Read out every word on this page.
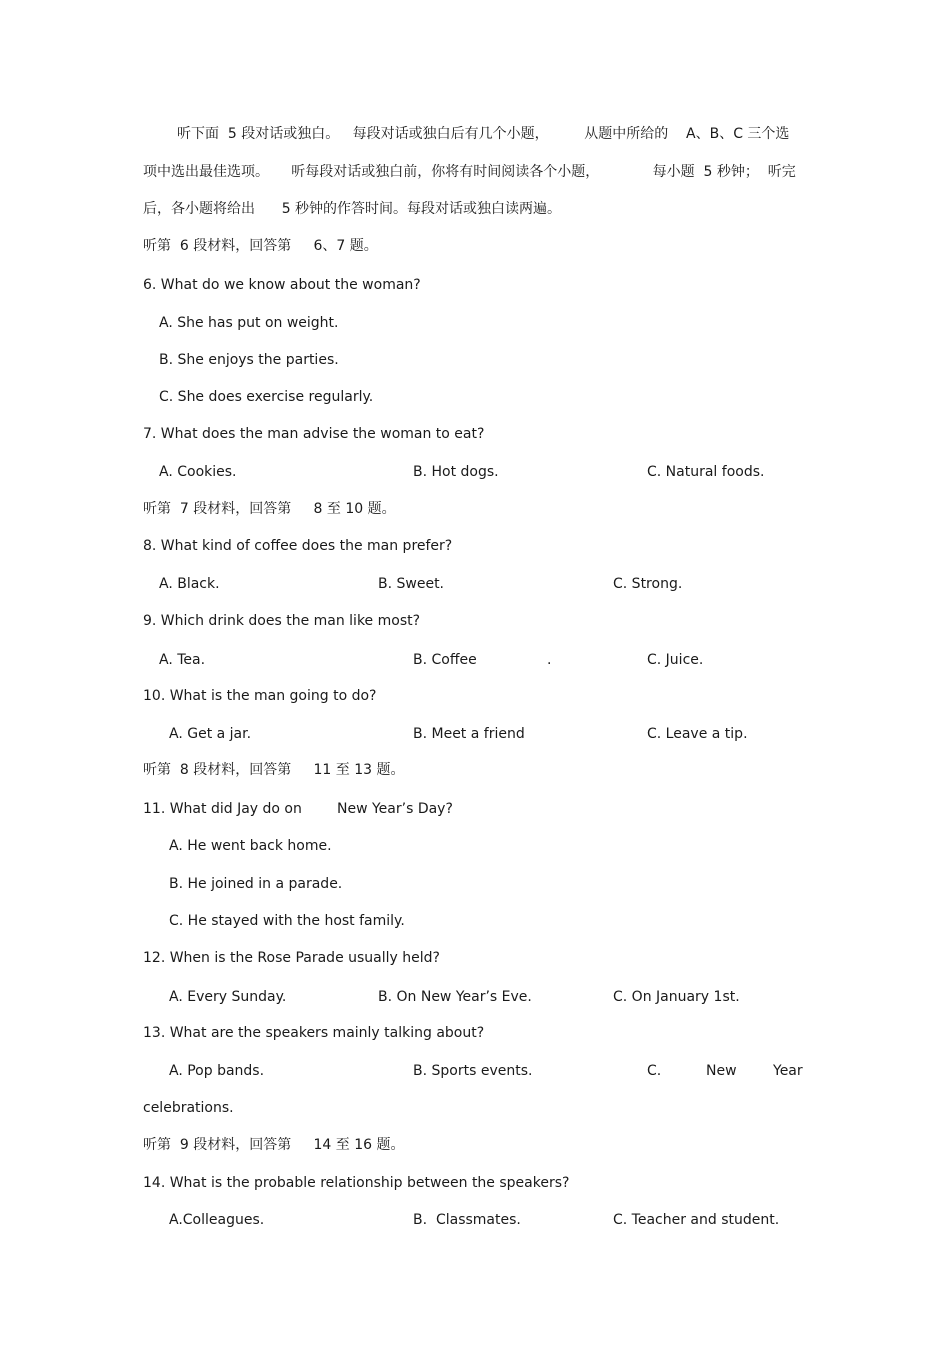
听下面  5 段对话或独白。   每段对话或独白后有几个小题，        从题中所给的    A、B、C 三个选
项中选出最佳选项。     听每段对话或独白前，你将有时间阅读各个小题，            每小题  5 秒钟；  听完
后，各小题将给出      5 秒钟的作答时间。每段对话或独白读两遍。
听第  6 段材料，回答第     6、7 题。
6. What do we know about the woman?
A. She has put on weight.
B. She enjoys the parties.
C. She does exercise regularly.
7. What does the man advise the woman to eat?
A. Cookies.	B. Hot dogs.	C. Natural foods.
听第  7 段材料，回答第     8 至 10 题。
8. What kind of coffee does the man prefer?
A. Black.	B. Sweet.	C. Strong.
9. Which drink does the man like most?
A. Tea.	B. Coffee	.	C. Juice.
10. What is the man going to do?
A. Get a jar.	B. Meet a friend	C. Leave a tip.
听第  8 段材料，回答第     11 至 13 题。
11. What did Jay do on	New Year’s Day?
A. He went back home.
B. He joined in a parade.
C. He stayed with the host family.
12. When is the Rose Parade usually held?
A. Every Sunday.	B. On New Year’s Eve.	C. On January 1st.
13. What are the speakers mainly talking about?
A. Pop bands.	B. Sports events.	C.	New	Year
celebrations.
听第  9 段材料，回答第     14 至 16 题。
14. What is the probable relationship between the speakers?
A.Colleagues.	B.  Classmates.	C. Teacher and student.
